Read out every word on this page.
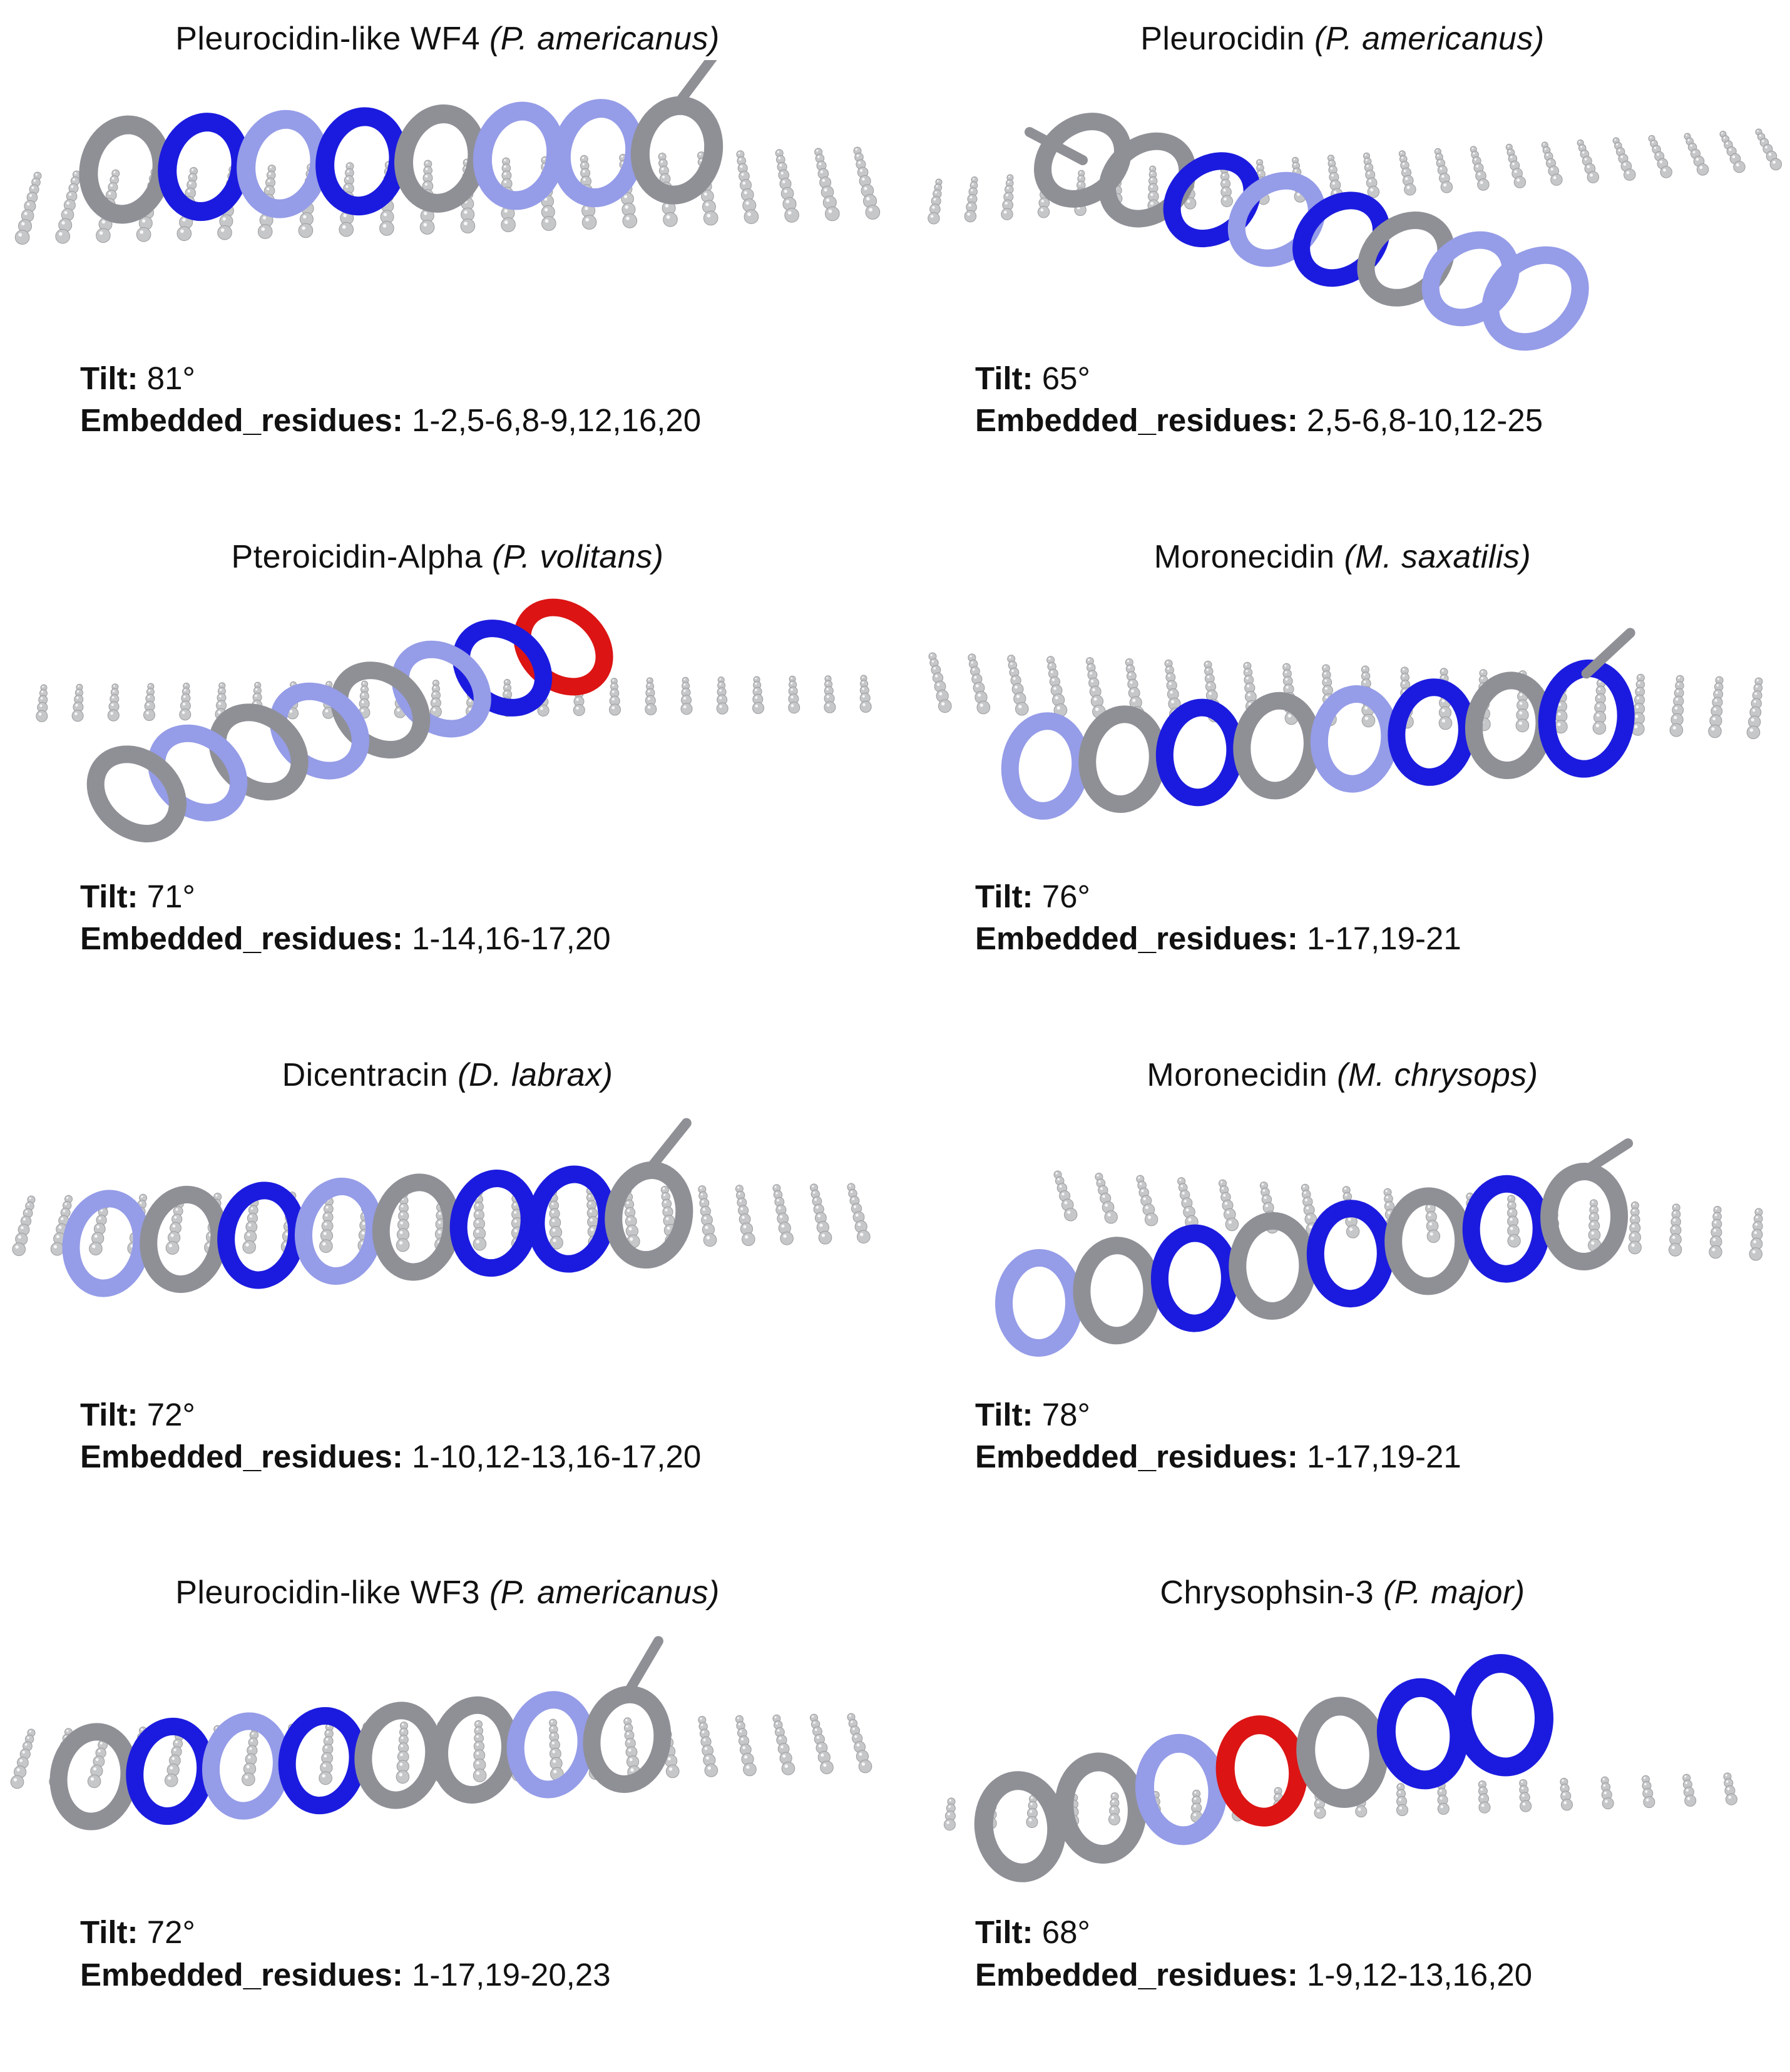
Pleurocidin-like WF4 (P. americanus)
Tilt: 81°
Embedded_residues: 1-2,5-6,8-9,12,16,20
Pleurocidin (P. americanus)
Tilt: 65°
Embedded_residues: 2,5-6,8-10,12-25
Pteroicidin-Alpha (P. volitans)
Tilt: 71°
Embedded_residues: 1-14,16-17,20
Moronecidin (M. saxatilis)
Tilt: 76°
Embedded_residues: 1-17,19-21
Dicentracin (D. labrax)
Tilt: 72°
Embedded_residues: 1-10,12-13,16-17,20
Moronecidin (M. chrysops)
Tilt: 78°
Embedded_residues: 1-17,19-21
Pleurocidin-like WF3 (P. americanus)
Tilt: 72°
Embedded_residues: 1-17,19-20,23
Chrysophsin-3 (P. major)
Tilt: 68°
Embedded_residues: 1-9,12-13,16,20
